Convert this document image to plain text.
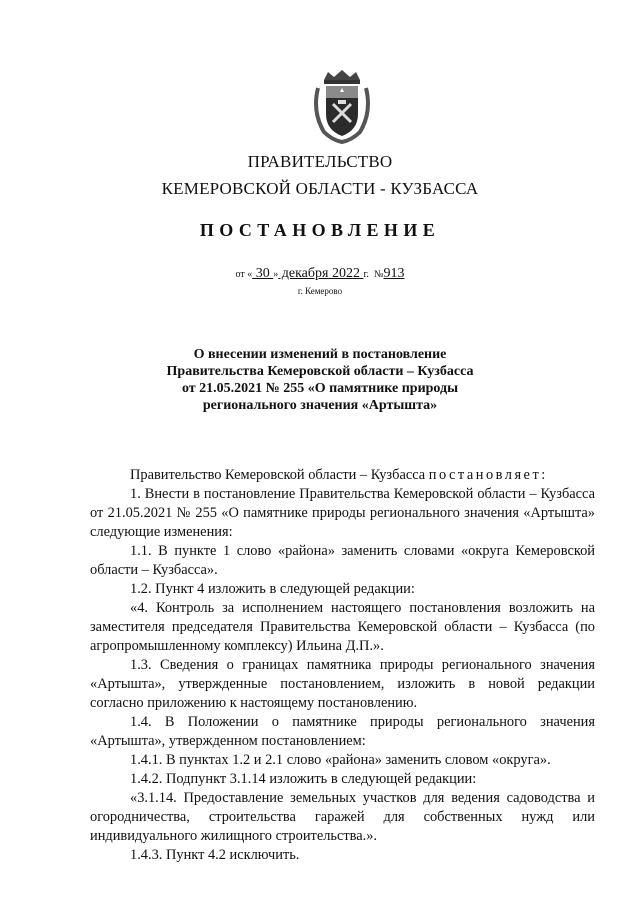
ПРАВИТЕЛЬСТВО
КЕМЕРОВСКОЙ ОБЛАСТИ - КУЗБАССА
ПОСТАНОВЛЕНИЕ
от « 30 » декабря 2022 г. №913
г. Кемерово
О внесении изменений в постановление
Правительства Кемеровской области – Кузбасса
от 21.05.2021 № 255 «О памятнике природы
регионального значения «Артышта»

Правительство Кемеровской области – Кузбасса постановляет:

1. Внести в постановление Правительства Кемеровской области – Кузбасса от 21.05.2021 № 255 «О памятнике природы регионального значения «Артышта» следующие изменения:

1.1. В пункте 1 слово «района» заменить словами «округа Кемеровской области – Кузбасса».

1.2. Пункт 4 изложить в следующей редакции:

«4. Контроль за исполнением настоящего постановления возложить на заместителя председателя Правительства Кемеровской области – Кузбасса (по агропромышленному комплексу) Ильина Д.П.».

1.3. Сведения о границах памятника природы регионального значения «Артышта», утвержденные постановлением, изложить в новой редакции согласно приложению к настоящему постановлению.

1.4. В Положении о памятнике природы регионального значения «Артышта», утвержденном постановлением:

1.4.1. В пунктах 1.2 и 2.1 слово «района» заменить словом «округа».

1.4.2. Подпункт 3.1.14 изложить в следующей редакции:

«3.1.14. Предоставление земельных участков для ведения садоводства и огородничества, строительства гаражей для собственных нужд или индивидуального жилищного строительства.».

1.4.3. Пункт 4.2 исключить.
